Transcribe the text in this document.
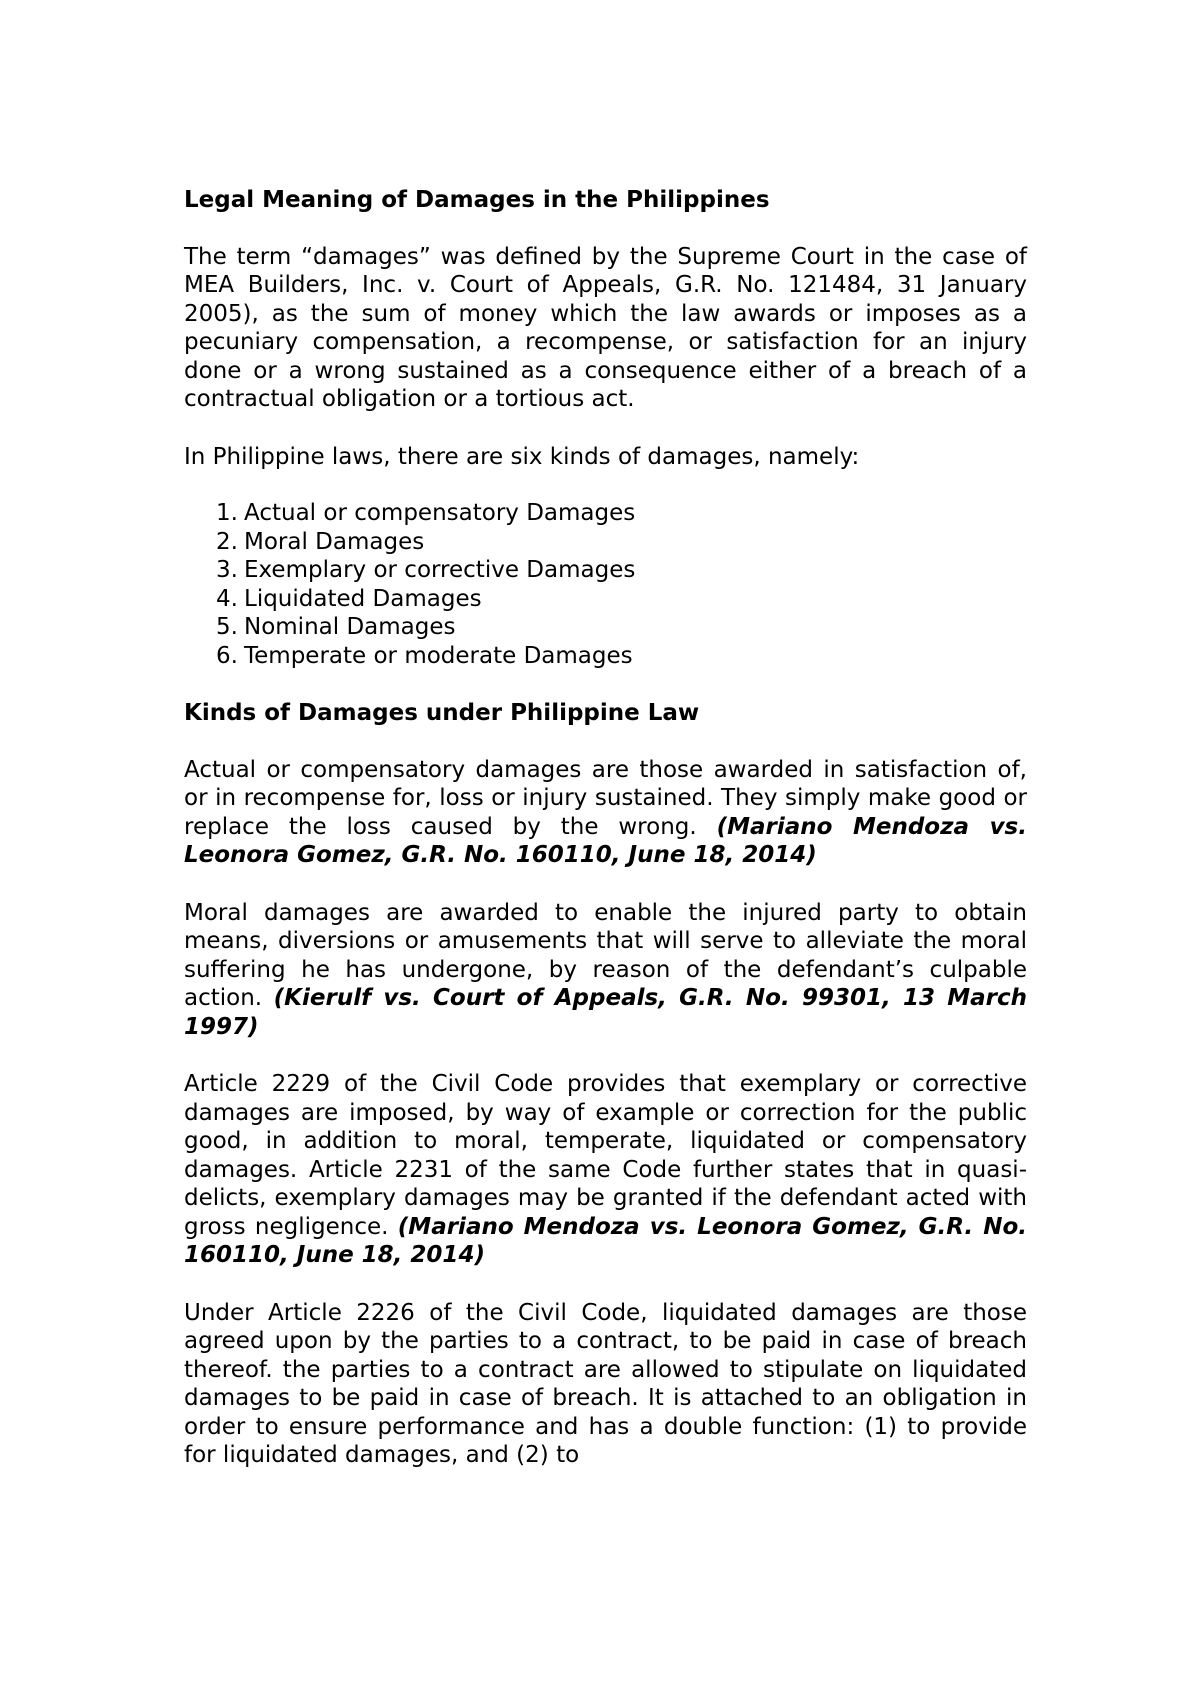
Legal Meaning of Damages in the Philippines

The term “damages” was defined by the Supreme Court in the case of MEA Builders, Inc. v. Court of Appeals, G.R. No. 121484, 31 January 2005), as the sum of money which the law awards or imposes as a pecuniary compensation, a recompense, or satisfaction for an injury done or a wrong sustained as a consequence either of a breach of a contractual obligation or a tortious act.

In Philippine laws, there are six kinds of damages, namely:

1. Actual or compensatory Damages
2. Moral Damages
3. Exemplary or corrective Damages
4. Liquidated Damages
5. Nominal Damages
6. Temperate or moderate Damages

Kinds of Damages under Philippine Law

Actual or compensatory damages are those awarded in satisfaction of, or in recompense for, loss or injury sustained. They simply make good or replace the loss caused by the wrong. (Mariano Mendoza vs. Leonora Gomez, G.R. No. 160110, June 18, 2014)

Moral damages are awarded to enable the injured party to obtain means, diversions or amusements that will serve to alleviate the moral suffering he has undergone, by reason of the defendant’s culpable action. (Kierulf vs. Court of Appeals, G.R. No. 99301, 13 March 1997)

Article 2229 of the Civil Code provides that exemplary or corrective damages are imposed, by way of example or correction for the public good, in addition to moral, temperate, liquidated or compensatory damages. Article 2231 of the same Code further states that in quasi-delicts, exemplary damages may be granted if the defendant acted with gross negligence. (Mariano Mendoza vs. Leonora Gomez, G.R. No. 160110, June 18, 2014)

Under Article 2226 of the Civil Code, liquidated damages are those agreed upon by the parties to a contract, to be paid in case of breach thereof. the parties to a contract are allowed to stipulate on liquidated damages to be paid in case of breach. It is attached to an obligation in order to ensure performance and has a double function: (1) to provide for liquidated damages, and (2) to
